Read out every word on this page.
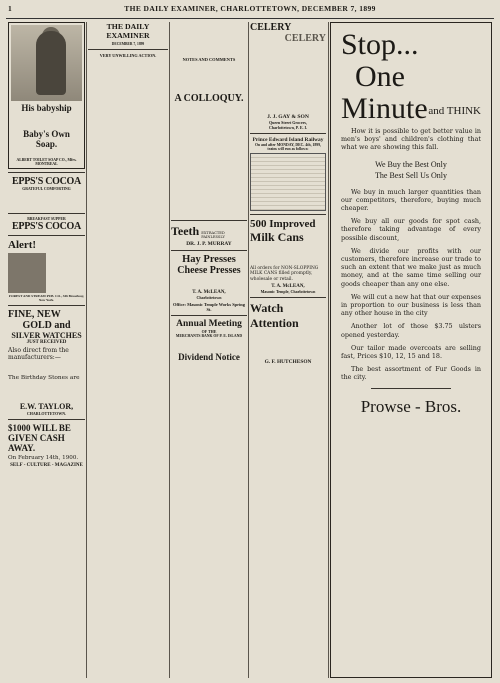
1	THE DAILY EXAMINER, CHARLOTTETOWN, DECEMBER 7, 1899
His babyship

Baby's Own
Soap.

ALBERT TOILET SOAP CO., Mfrs. MONTREAL
EPPS'S COCOA
GRATEFUL COMFORTING

BREAKFAST SUPPER
EPPS'S COCOA
Alert!

FOREST AND STREAM PUB. CO., 346 Broadway, New York.
FINE, NEW
GOLD and
SILVER WATCHES
JUST RECEIVED
Also direct from the manufacturers:—

The Birthday Stones are

E.W. TAYLOR,
CHARLOTTETOWN.
$1000 WILL BE GIVEN CASH AWAY.
On February 14th, 1900.
SELF - CULTURE - MAGAZINE

THE DAILY EXAMINER
DECEMBER 7, 1899
VERY UNWILLING ACTION.

NOTES AND COMMENTS

A COLLOQUY.

Teeth EXTRACTED PAINLESSLY
DR. J. P. MURRAY
Hay Presses
Cheese Presses

T. A. McLEAN,
Charlottetown
Office: Masonic Temple Works Spring St.
Annual Meeting
OF THE
MERCHANTS BANK OF P. E. ISLAND

Dividend Notice

CELERY
CELERY

J. J. GAY & SON
Queen Street Grocers,
Charlottetown, P. E. I.
Prince Edward Island Railway
On and after MONDAY, DEC. 4th, 1899,
trains will run as follows:
500 Improved
Milk Cans

All orders for NON-SLOPPING MILK CANS filled promptly, wholesale or retail.
T. A. McLEAN,
Masonic Temple, Charlottetown
Watch
Attention

G. F. HUTCHESON
Stop...
One
Minute and THINK

How it is possible to get better value in men's boys' and children's clothing that what we are showing this fall.

We Buy the Best Only
The Best Sell Us Only

We buy in much larger quantities than our competitors, therefore, buying much cheaper.

We buy all our goods for spot cash, therefore taking advantage of every possible discount,

We divide our profits with our customers, therefore increase our trade to such an extent that we make just as much money, and at the same time selling our goods cheaper than any one else.

We will cut a new hat that our expenses in proportion to our business is less than any other house in the city

Another lot of those $3.75 ulsters opened yesterday.

Our tailor made overcoats are selling fast, Prices $10, 12, 15 and 18.

The best assortment of Fur Goods in the city.

Prowse - Bros.
